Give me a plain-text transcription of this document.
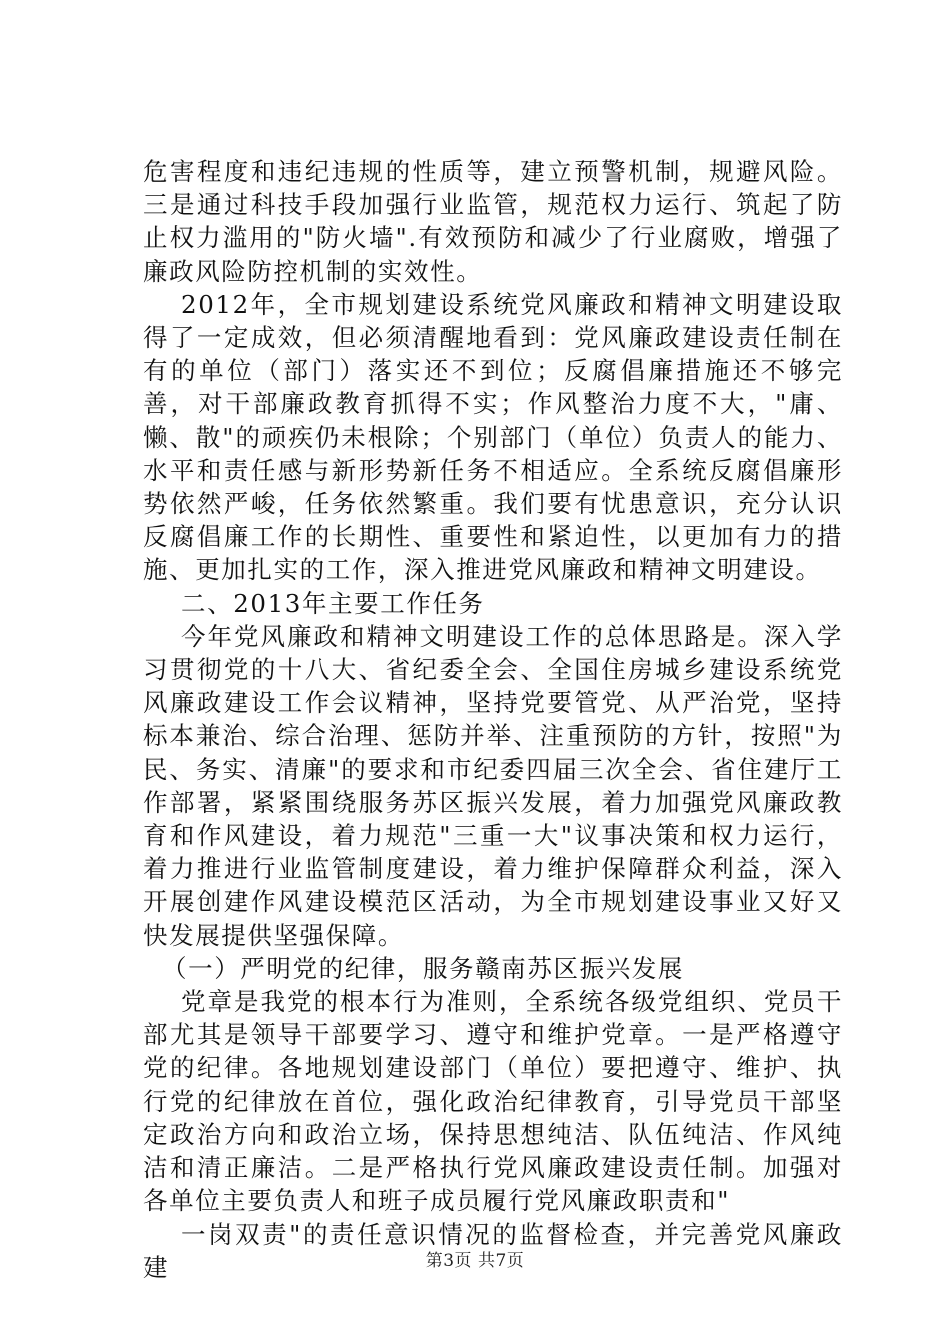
危害程度和违纪违规的性质等，建立预警机制，规避风险。三是通过科技手段加强行业监管，规范权力运行、筑起了防止权力滥用的"防火墙".有效预防和减少了行业腐败，增强了廉政风险防控机制的实效性。

2012年，全市规划建设系统党风廉政和精神文明建设取得了一定成效，但必须清醒地看到：党风廉政建设责任制在有的单位（部门）落实还不到位；反腐倡廉措施还不够完善，对干部廉政教育抓得不实；作风整治力度不大，"庸、懒、散"的顽疾仍未根除；个别部门（单位）负责人的能力、水平和责任感与新形势新任务不相适应。全系统反腐倡廉形势依然严峻，任务依然繁重。我们要有忧患意识，充分认识反腐倡廉工作的长期性、重要性和紧迫性，以更加有力的措施、更加扎实的工作，深入推进党风廉政和精神文明建设。

二、2013年主要工作任务

今年党风廉政和精神文明建设工作的总体思路是。深入学习贯彻党的十八大、省纪委全会、全国住房城乡建设系统党风廉政建设工作会议精神，坚持党要管党、从严治党，坚持标本兼治、综合治理、惩防并举、注重预防的方针，按照"为民、务实、清廉"的要求和市纪委四届三次全会、省住建厅工作部署，紧紧围绕服务苏区振兴发展，着力加强党风廉政教育和作风建设，着力规范"三重一大"议事决策和权力运行，着力推进行业监管制度建设，着力维护保障群众利益，深入开展创建作风建设模范区活动，为全市规划建设事业又好又快发展提供坚强保障。

（一）严明党的纪律，服务赣南苏区振兴发展

党章是我党的根本行为准则，全系统各级党组织、党员干部尤其是领导干部要学习、遵守和维护党章。一是严格遵守党的纪律。各地规划建设部门（单位）要把遵守、维护、执行党的纪律放在首位，强化政治纪律教育，引导党员干部坚定政治方向和政治立场，保持思想纯洁、队伍纯洁、作风纯洁和清正廉洁。二是严格执行党风廉政建设责任制。加强对各单位主要负责人和班子成员履行党风廉政职责和"

一岗双责"的责任意识情况的监督检查，并完善党风廉政建	第3页 共7页
